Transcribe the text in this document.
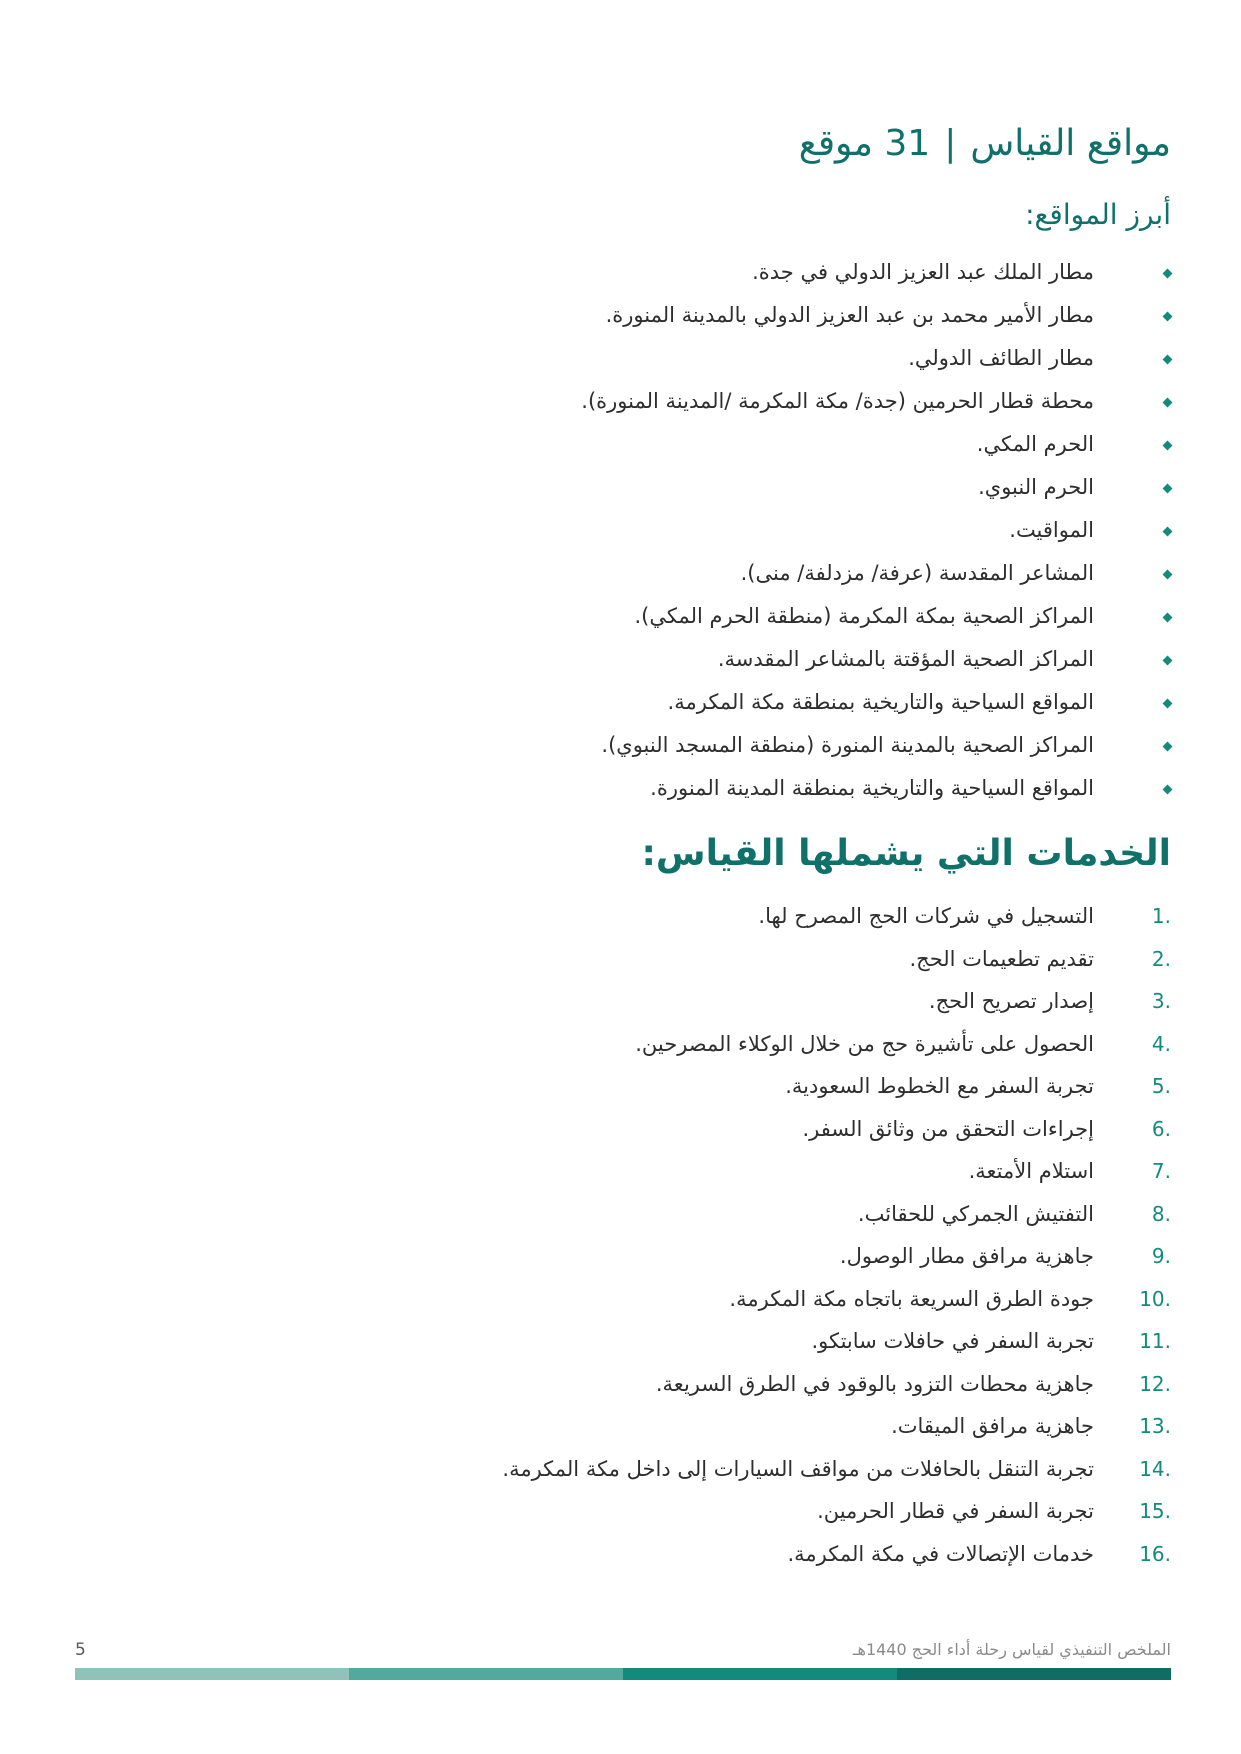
مواقع القياس|31 موقع
أبرز المواقع:
مطار الملك عبد العزيز الدولي في جدة.
مطار الأمير محمد بن عبد العزيز الدولي بالمدينة المنورة.
مطار الطائف الدولي.
محطة قطار الحرمين (جدة/ مكة المكرمة /المدينة المنورة).
الحرم المكي.
الحرم النبوي.
المواقيت.
المشاعر المقدسة (عرفة/ مزدلفة/ منى).
المراكز الصحية بمكة المكرمة (منطقة الحرم المكي).
المراكز الصحية المؤقتة بالمشاعر المقدسة.
المواقع السياحية والتاريخية بمنطقة مكة المكرمة.
المراكز الصحية بالمدينة المنورة (منطقة المسجد النبوي).
المواقع السياحية والتاريخية بمنطقة المدينة المنورة.
الخدمات التي يشملها القياس:
1.
التسجيل في شركات الحج المصرح لها.
2.
تقديم تطعيمات الحج.
3.
إصدار تصريح الحج.
4.
الحصول على تأشيرة حج من خلال الوكلاء المصرحين.
5.
تجربة السفر مع الخطوط السعودية.
6.
إجراءات التحقق من وثائق السفر.
7.
استلام الأمتعة.
8.
التفتيش الجمركي للحقائب.
9.
جاهزية مرافق مطار الوصول.
10.
جودة الطرق السريعة باتجاه مكة المكرمة.
11.
تجربة السفر في حافلات سابتكو.
12.
جاهزية محطات التزود بالوقود في الطرق السريعة.
13.
جاهزية مرافق الميقات.
14.
تجربة التنقل بالحافلات من مواقف السيارات إلى داخل مكة المكرمة.
15.
تجربة السفر في قطار الحرمين.
16.
خدمات الإتصالات في مكة المكرمة.
الملخص التنفيذي لقياس رحلة أداء الحج 1440هـ
5
